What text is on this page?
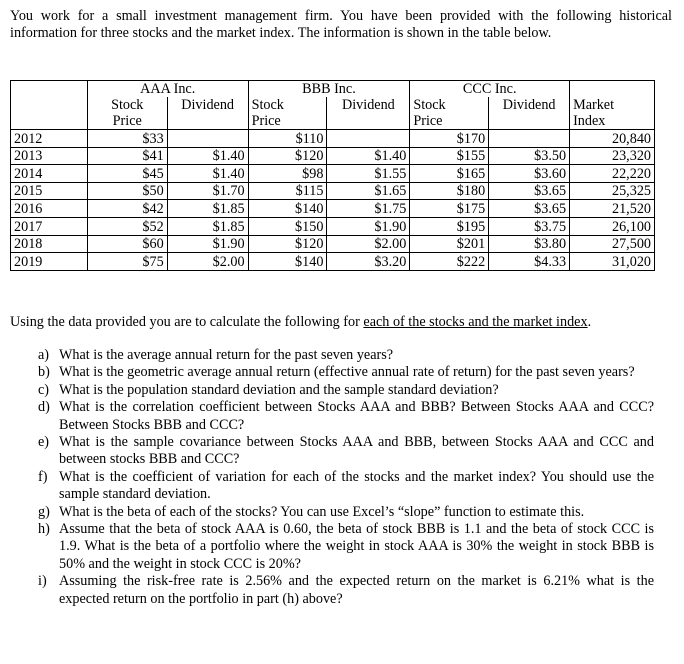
You work for a small investment management firm. You have been provided with the following historical information for three stocks and the market index. The information is shown in the table below.

	AAA Inc.		BBB Inc.		CCC Inc.		
	Stock	Dividend	Stock	Dividend	Stock	Dividend	Market
	Price		Price		Price		Index
2012	$33		$110		$170		20,840
2013	$41	$1.40	$120	$1.40	$155	$3.50	23,320
2014	$45	$1.40	$98	$1.55	$165	$3.60	22,220
2015	$50	$1.70	$115	$1.65	$180	$3.65	25,325
2016	$42	$1.85	$140	$1.75	$175	$3.65	21,520
2017	$52	$1.85	$150	$1.90	$195	$3.75	26,100
2018	$60	$1.90	$120	$2.00	$201	$3.80	27,500
2019	$75	$2.00	$140	$3.20	$222	$4.33	31,020

Using the data provided you are to calculate the following for each of the stocks and the market index.

a) What is the average annual return for the past seven years?
b) What is the geometric average annual return (effective annual rate of return) for the past seven years?
c) What is the population standard deviation and the sample standard deviation?
d) What is the correlation coefficient between Stocks AAA and BBB? Between Stocks AAA and CCC? Between Stocks BBB and CCC?
e) What is the sample covariance between Stocks AAA and BBB, between Stocks AAA and CCC and between stocks BBB and CCC?
f) What is the coefficient of variation for each of the stocks and the market index? You should use the sample standard deviation.
g) What is the beta of each of the stocks? You can use Excel’s “slope” function to estimate this.
h) Assume that the beta of stock AAA is 0.60, the beta of stock BBB is 1.1 and the beta of stock CCC is 1.9. What is the beta of a portfolio where the weight in stock AAA is 30% the weight in stock BBB is 50% and the weight in stock CCC is 20%?
i) Assuming the risk-free rate is 2.56% and the expected return on the market is 6.21% what is the expected return on the portfolio in part (h) above?
